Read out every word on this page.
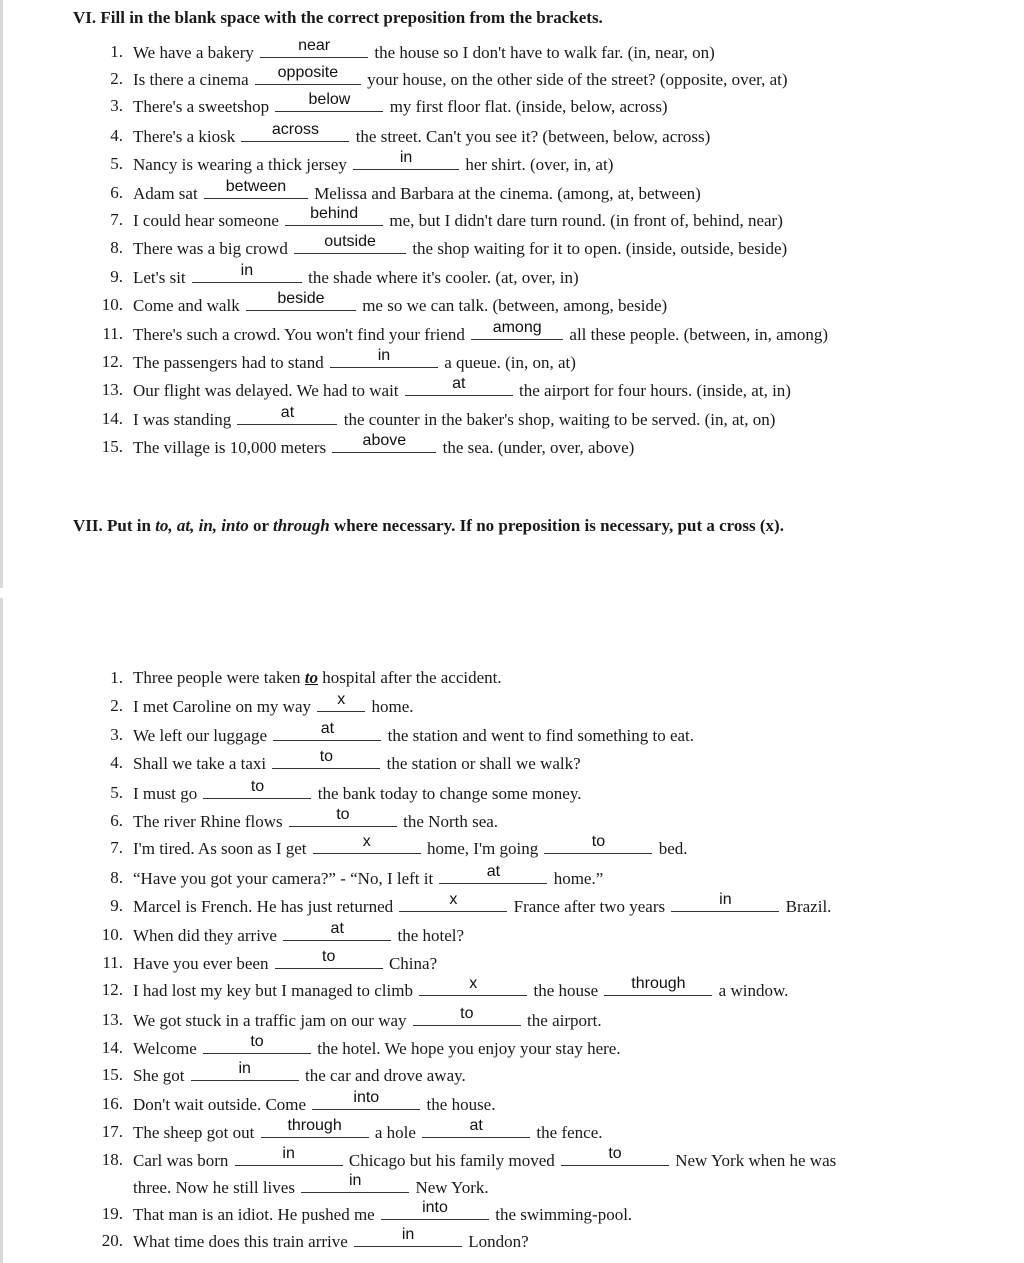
VI. Fill in the blank space with the correct preposition from the brackets.
1. We have a bakery	near	the house so I don't have to walk far. (in, near, on)
2. Is there a cinema	opposite	your house, on the other side of the street? (opposite, over, at)
3. There's a sweetshop	below	my first floor flat. (inside, below, across)
4. There's a kiosk	across	the street. Can't you see it? (between, below, across)
5. Nancy is wearing a thick jersey	in	her shirt. (over, in, at)
6. Adam sat	between	Melissa and Barbara at the cinema. (among, at, between)
7. I could hear someone	behind	me, but I didn't dare turn round. (in front of, behind, near)
8. There was a big crowd	outside	the shop waiting for it to open. (inside, outside, beside)
9. Let's sit	in	the shade where it's cooler. (at, over, in)
10. Come and walk	beside	me so we can talk. (between, among, beside)
11. There's such a crowd. You won't find your friend	among	all these people. (between, in, among)
12. The passengers had to stand	in	a queue. (in, on, at)
13. Our flight was delayed. We had to wait	at	the airport for four hours. (inside, at, in)
14. I was standing	at	the counter in the baker's shop, waiting to be served. (in, at, on)
15. The village is 10,000 meters	above	the sea. (under, over, above)
VII. Put in to, at, in, into or through where necessary. If no preposition is necessary, put a cross (x).
1. Three people were taken to hospital after the accident.
2. I met Caroline on my way	x	home.
3. We left our luggage	at	the station and went to find something to eat.
4. Shall we take a taxi	to	the station or shall we walk?
5. I must go	to	the bank today to change some money.
6. The river Rhine flows	to	the North sea.
7. I'm tired. As soon as I get	x	home, I'm going	to	bed.
8. “Have you got your camera?” - “No, I left it	at	home.”
9. Marcel is French. He has just returned	x	France after two years	in	Brazil.
10. When did they arrive	at	the hotel?
11. Have you ever been	to	China?
12. I had lost my key but I managed to climb	x	the house	through	a window.
13. We got stuck in a traffic jam on our way	to	the airport.
14. Welcome	to	the hotel. We hope you enjoy your stay here.
15. She got	in	the car and drove away.
16. Don't wait outside. Come	into	the house.
17. The sheep got out	through	a hole	at	the fence.
18. Carl was born	in	Chicago but his family moved	to	New York when he was
three. Now he still lives	in	New York.
19. That man is an idiot. He pushed me	into	the swimming-pool.
20. What time does this train arrive	in	London?
